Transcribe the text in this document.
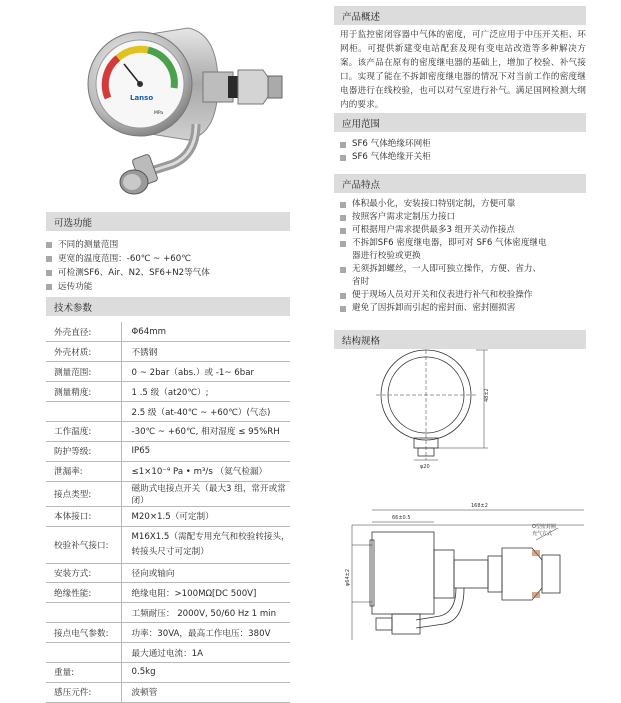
Lanso
MPa
可选功能
不同的测量范围
更宽的温度范围：-60℃ ~ +60℃
可检测SF6、Air、N2、SF6+N2等气体
远传功能
技术参数
外壳直径:	Φ64mm
外壳材质:	不锈钢
测量范围:	0 ~ 2bar（abs.）或 -1~ 6bar
测量精度:	1 .5 级（at20℃）;
	2.5 级（at-40℃ ~ +60℃）(气态)
工作温度:	-30℃ ~ +60℃, 相对湿度 ≤ 95%RH
防护等级:	IP65
泄漏率:	≤1×10⁻⁹ Pa • m³/s （氦气检漏）
接点类型:	磁助式电接点开关（最大3 组，常开或常闭）
本体接口:	M20×1.5（可定制）
校验补气接口:	M16X1.5（需配专用充气和校验转接头，转接头尺寸可定制）
安装方式:	径向或轴向
绝缘性能:	绝缘电阻：>100MΩ[DC 500V]
	工频耐压： 2000V, 50/60 Hz 1 min
接点电气参数:	功率：30VA，最高工作电压：380V
	最大通过电流：1A
重量:	0.5kg
感压元件:	波顿管
产品概述

用于监控密闭容器中气体的密度，可广泛应用于中压开关柜、环网柜。可提供新建变电站配套及现有变电站改造等多种解决方案。该产品在原有的密度继电器的基础上，增加了校验、补气接口。实现了能在不拆卸密度继电器的情况下对当前工作的密度继电器进行在线校验，也可以对气室进行补气。满足国网检测大纲内的要求。

应用范围
SF6 气体绝缘环网柜
SF6 气体绝缘开关柜
产品特点
体积最小化，安装接口特别定制，方便可靠
按照客户需求定制压力接口
可根据用户需求提供最多3 组开关动作接点
不拆卸SF6 密度继电器，即可对 SF6 气体密度继电
器进行校验或更换
无须拆卸螺丝，一人即可独立操作，方便、省力、
省时
便于现场人员对开关和仪表进行补气和校验操作
避免了因拆卸而引起的密封面、密封圈损害
结构规格
48±2
φ20
66±0.5
168±2
φ64±2
O型密封圈
充气方式
